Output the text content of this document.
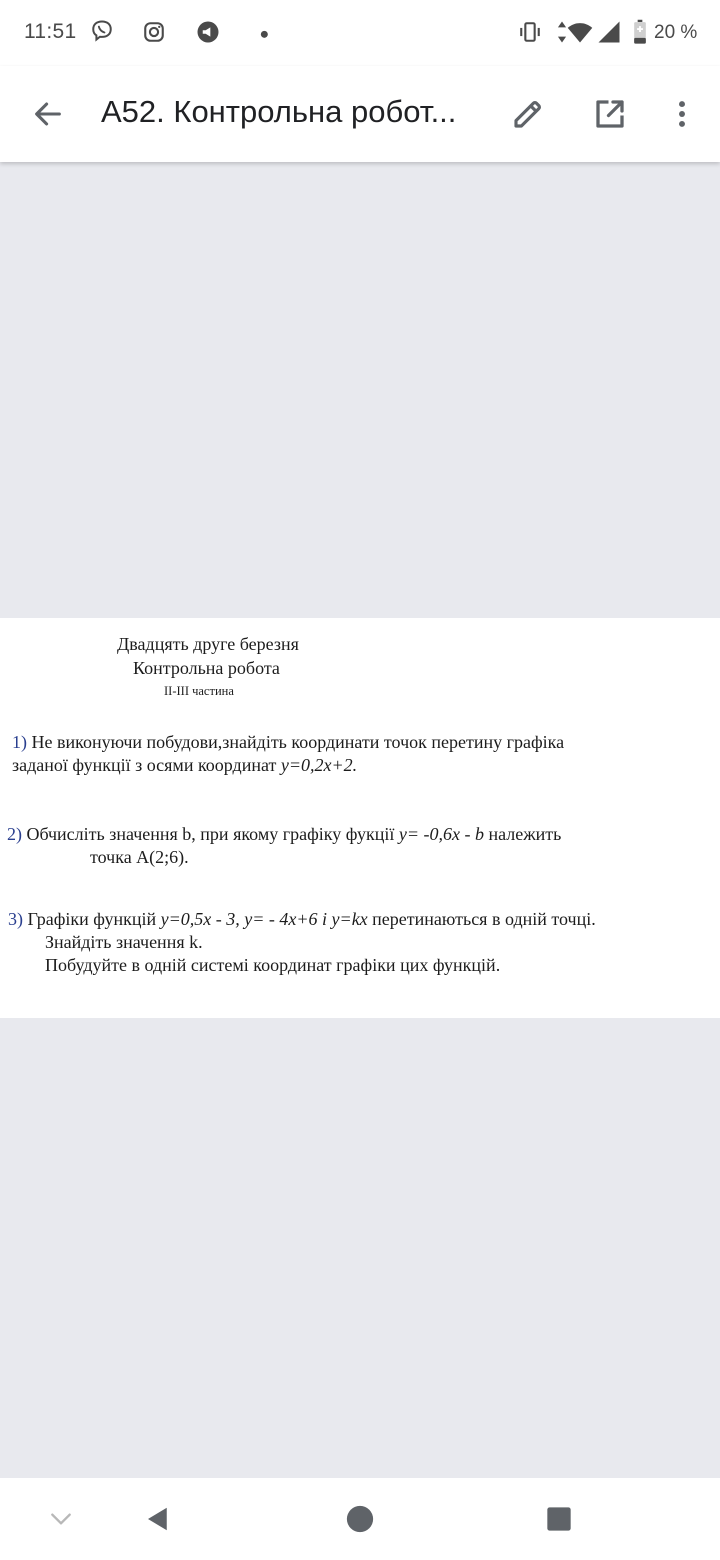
11:51	20 %
A52. Контрольна робот...
Двадцять друге березня
Контрольна робота
II-III частина
1) Не виконуючи побудови,знайдіть координати точок перетину графіка
заданої функції з осями координат y=0,2x+2.
2) Обчисліть значення b, при якому графіку фукції y= -0,6x - b належить
точка А(2;6).
3) Графіки функцій y=0,5x - 3, y= - 4x+6 і y=kx перетинаються в одній точці.
Знайдіть значення k.
Побудуйте в одній системі координат графіки цих функцій.
